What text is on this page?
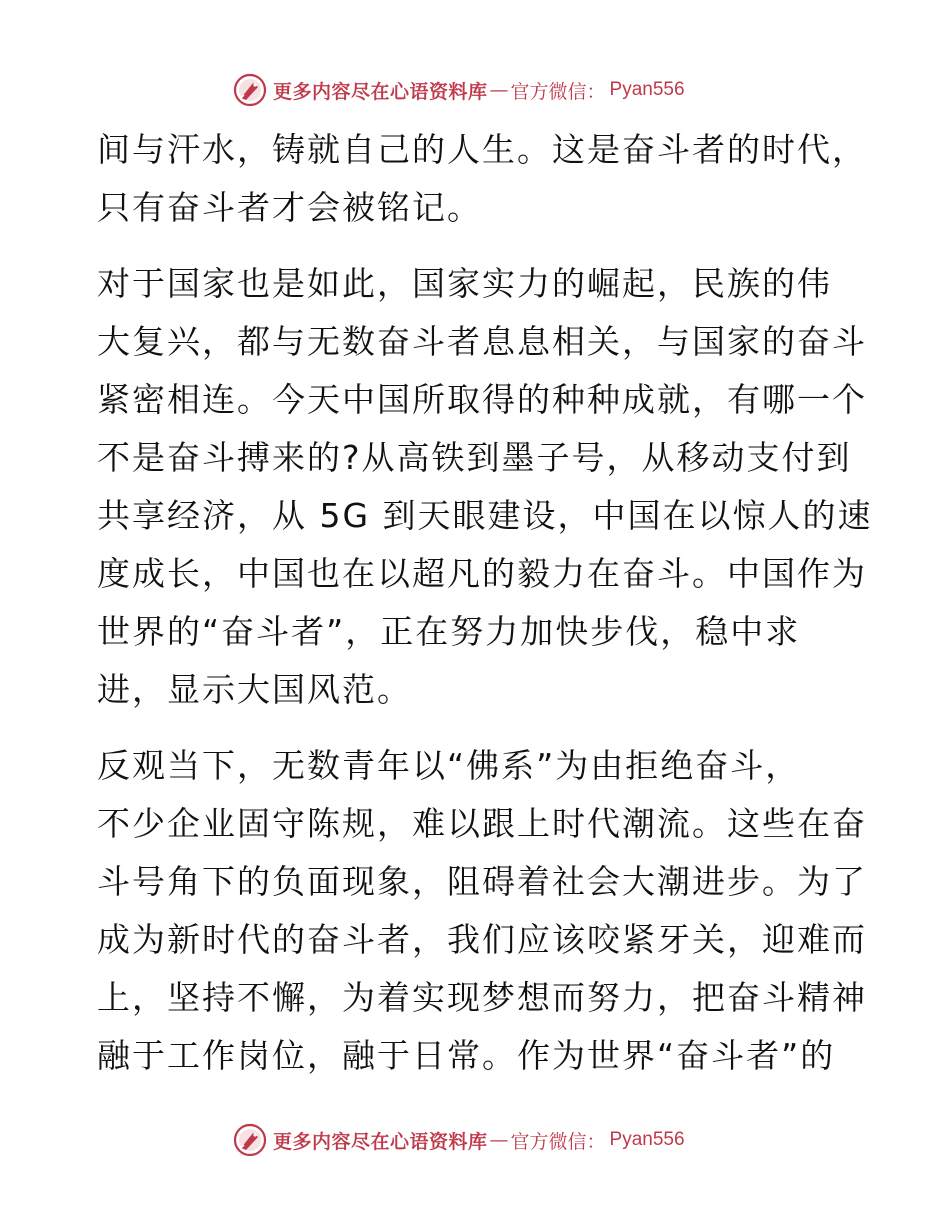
更多内容尽在心语资料库 — 官方微信： Pyan556
间与汗水，铸就自己的人生。这是奋斗者的时代，
只有奋斗者才会被铭记。
对于国家也是如此，国家实力的崛起，民族的伟
大复兴，都与无数奋斗者息息相关，与国家的奋斗
紧密相连。今天中国所取得的种种成就，有哪一个
不是奋斗搏来的?从高铁到墨子号，从移动支付到
共享经济，从 5G 到天眼建设，中国在以惊人的速
度成长，中国也在以超凡的毅力在奋斗。中国作为
世界的“奋斗者”，正在努力加快步伐，稳中求
进，显示大国风范。
反观当下，无数青年以“佛系”为由拒绝奋斗，
不少企业固守陈规，难以跟上时代潮流。这些在奋
斗号角下的负面现象，阻碍着社会大潮进步。为了
成为新时代的奋斗者，我们应该咬紧牙关，迎难而
上，坚持不懈，为着实现梦想而努力，把奋斗精神
融于工作岗位，融于日常。作为世界“奋斗者”的
更多内容尽在心语资料库 — 官方微信： Pyan556
